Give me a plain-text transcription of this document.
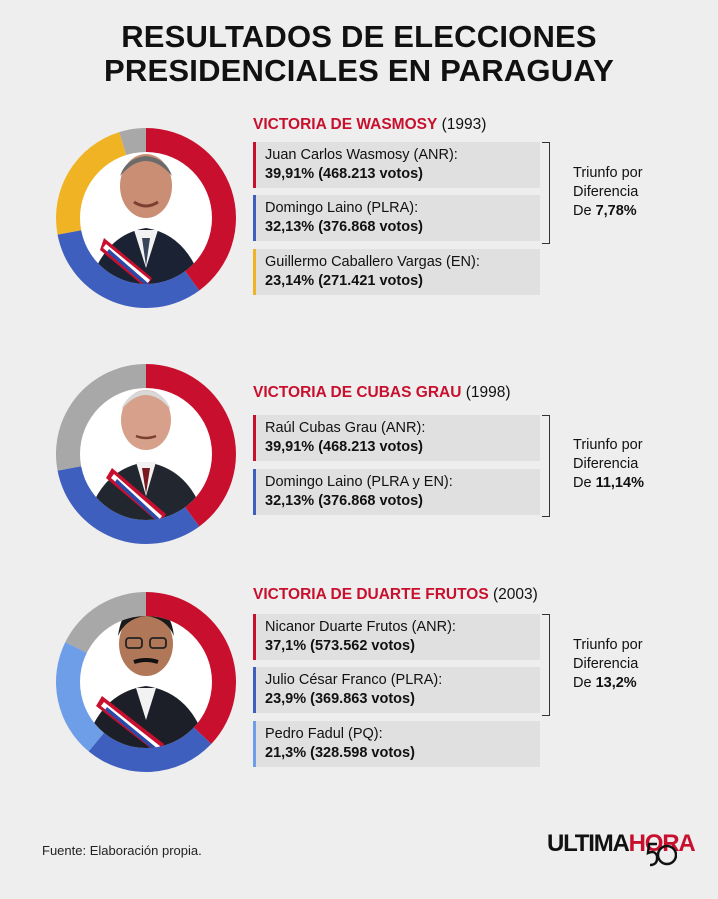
RESULTADOS DE ELECCIONES
PRESIDENCIALES EN PARAGUAY
VICTORIA DE WASMOSY (1993)
Juan Carlos Wasmosy (ANR):
39,91% (468.213 votos)
Domingo Laino (PLRA):
32,13% (376.868 votos)
Guillermo Caballero Vargas (EN):
23,14% (271.421 votos)
Triunfo por
Diferencia
De 7,78%
VICTORIA DE CUBAS GRAU (1998)
Raúl Cubas Grau (ANR):
39,91% (468.213 votos)
Domingo Laino (PLRA y EN):
32,13% (376.868 votos)
Triunfo por
Diferencia
De 11,14%
VICTORIA DE DUARTE FRUTOS (2003)
Nicanor Duarte Frutos (ANR):
37,1% (573.562 votos)
Julio César Franco (PLRA):
23,9% (369.863 votos)
Pedro Fadul (PQ):
21,3% (328.598 votos)
Triunfo por
Diferencia
De 13,2%
Fuente: Elaboración propia.	ULTIMAHORA
